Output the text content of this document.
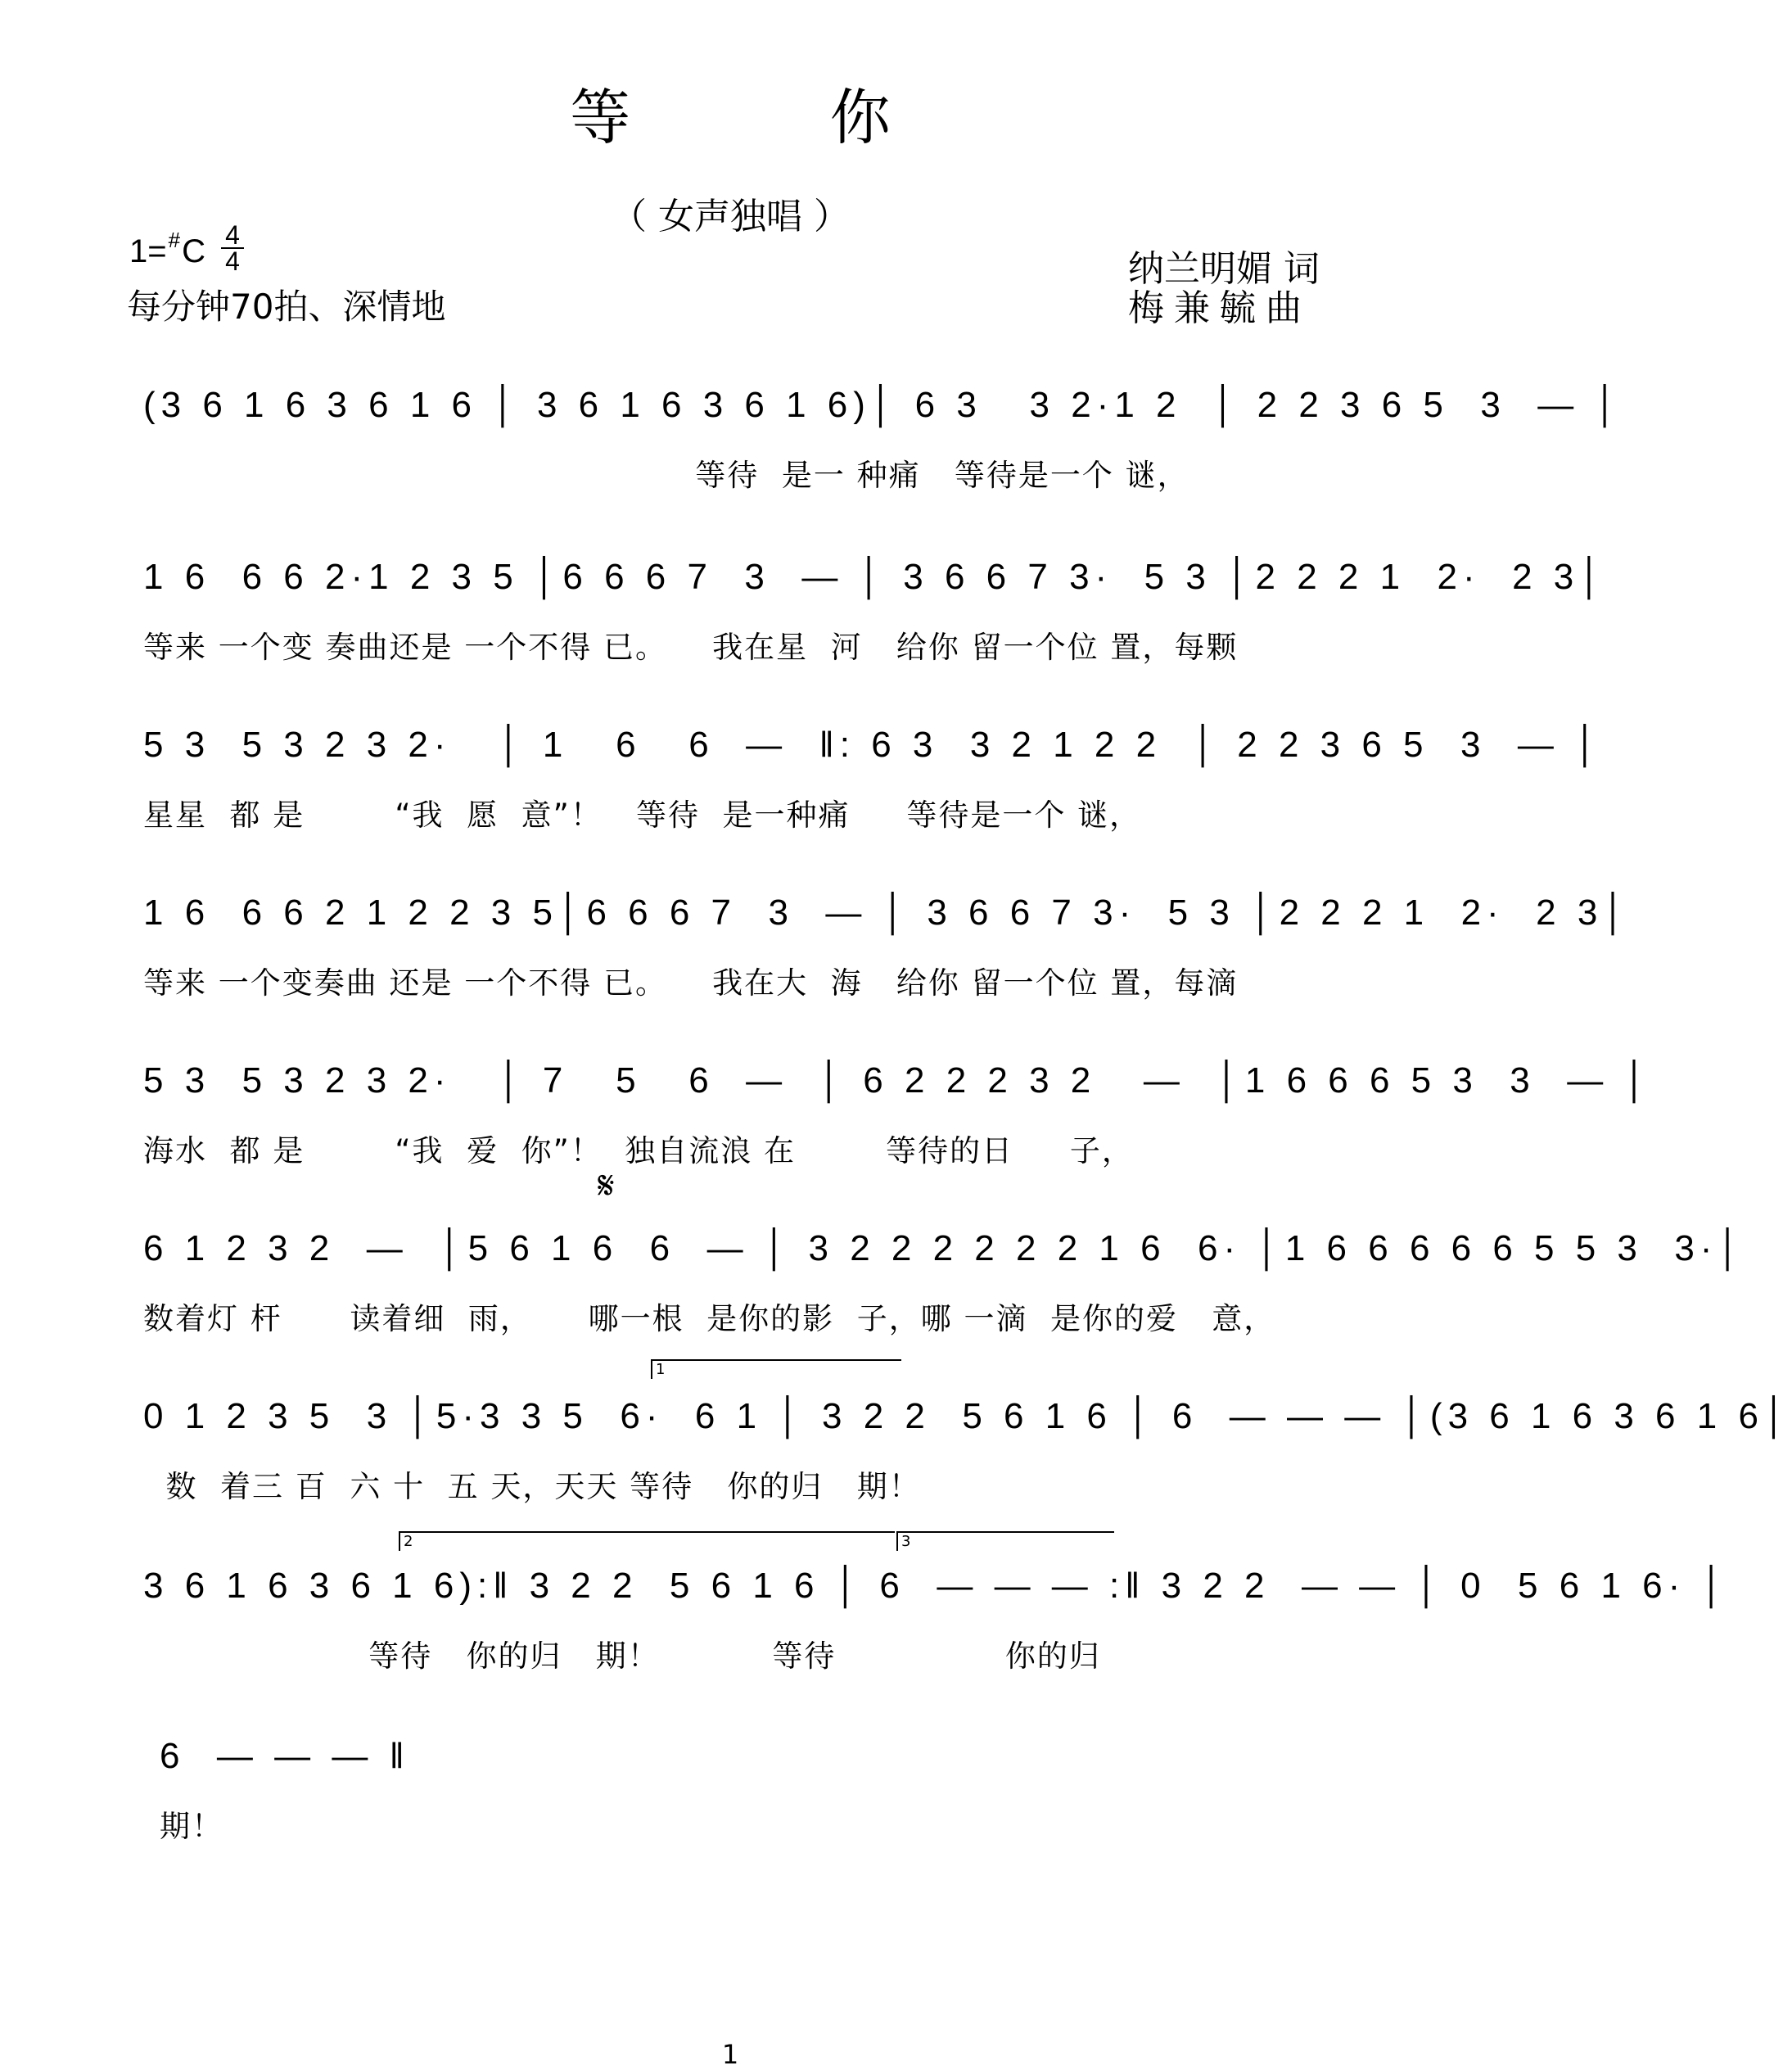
等 你
（ 女声独唱 ）
$1=^{\#}C \frac{4}{4}$
每分钟70拍、深情地
纳兰明媚 词
梅兼毓曲
(3 6 1 6 3 6 1 6 │ 3 6 1 6 3 6 1 6)│ 6 3   3 2·1 2  │ 2 2 3 6 5  3  — │
等待  是一 种痛   等待是一个 谜，
1 6  6 6 2·1 2 3 5 │6 6 6 7  3  — │ 3 6 6 7 3·  5 3 │2 2 2 1  2·  2 3│
等来 一个变 奏曲还是 一个不得 已。    我在星  河   给你 留一个位 置，每颗
5 3  5 3 2 3 2·   │ 1   6   6  —  ‖: 6 3  3 2 1 2 2  │ 2 2 3 6 5  3  — │
星星  都 是        “我  愿  意”！   等待  是一种痛     等待是一个 谜，
1 6  6 6 2 1 2 2 3 5│6 6 6 7  3  — │ 3 6 6 7 3·  5 3 │2 2 2 1  2·  2 3│
等来 一个变奏曲 还是 一个不得 已。    我在大  海   给你 留一个位 置，每滴
5 3  5 3 2 3 2·   │ 7   5   6  —  │ 6 2 2 2 3 2   —  │1 6 6 6 5 3  3  — │
海水  都 是        “我  爱  你”！  独自流浪 在        等待的日     子，
𝄋
6 1 2 3 2  —  │5 6 1 6  6  — │ 3 2 2 2 2 2 2 1 6  6· │1 6 6 6 6 6 5 5 3  3·│
数着灯 杆      读着细  雨，     哪一根  是你的影  子，哪 一滴  是你的爱   意，
1
0 1 2 3 5  3 │5·3 3 5  6·  6 1 │ 3 2 2  5 6 1 6 │ 6  — — — │(3 6 1 6 3 6 1 6│
数  着三 百  六 十  五 天，天天 等待   你的归   期！
2	3
3 6 1 6 3 6 1 6):‖ 3 2 2  5 6 1 6 │ 6  — — — :‖ 3 2 2  — — │ 0  5 6 1 6· │
等待   你的归   期！          等待               你的归
6  — — — ‖
期！
1
